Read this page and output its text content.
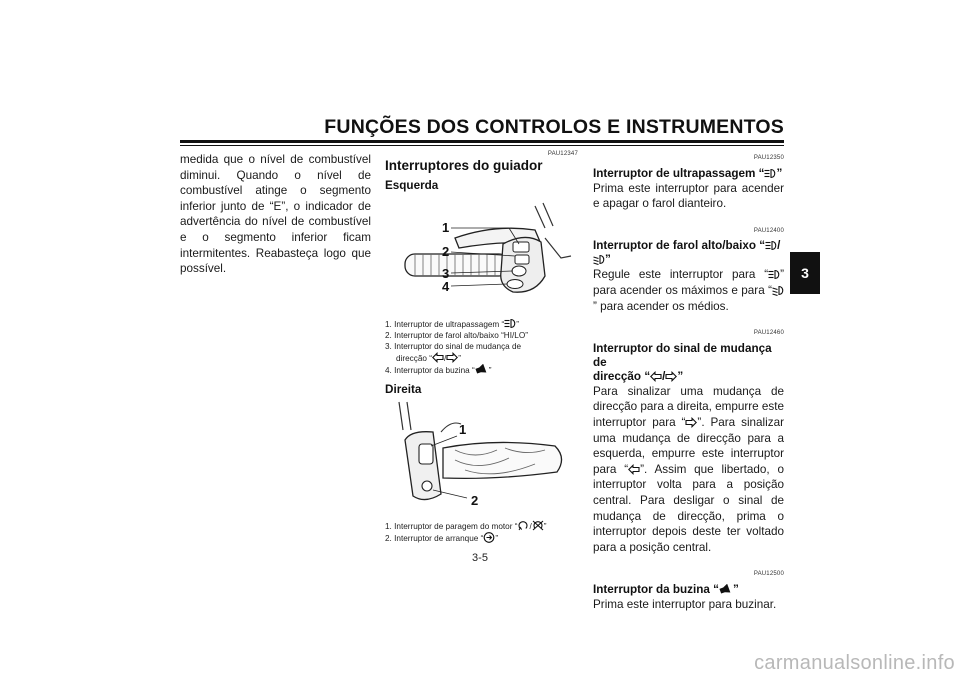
FUNÇÕES DOS CONTROLOS E INSTRUMENTOS
3

medida que o nível de combustível diminui. Quando o nível de combustível atinge o segmento inferior junto de “E”, o indicador de advertência do nível de combustível e o segmento inferior ficam intermitentes. Reabasteça logo que possível.

PAU12347
Interruptores do guiador
Esquerda
1
2
3
4
1. Interruptor de ultrapassagem “ ”
2. Interruptor de farol alto/baixo “HI/LO”
3. Interruptor do sinal de mudança de
direcção “ / ”
4. Interruptor da buzina “ ”
Direita
1
2
1. Interruptor de paragem do motor “ / ”
2. Interruptor de arranque “ ”
PAU12350
Interruptor de ultrapassagem “ ”

Prima este interruptor para acender e apagar o farol dianteiro.

PAU12400
Interruptor de farol alto/baixo “ /”

Regule este interruptor para “ ” para acender os máximos e para “” para acender os médios.

PAU12460
Interruptor do sinal de mudança de
direcção “ / ”

Para sinalizar uma mudança de direcção para a direita, empurre este interruptor para “ ”. Para sinalizar uma mudança de direcção para a esquerda, empurre este interruptor para “ ”. Assim que libertado, o interruptor volta para a posição central. Para desligar o sinal de mudança de direcção, prima o interruptor depois deste ter voltado para a posição central.

PAU12500
Interruptor da buzina “ ”

Prima este interruptor para buzinar.

3-5
carmanualsonline.info
